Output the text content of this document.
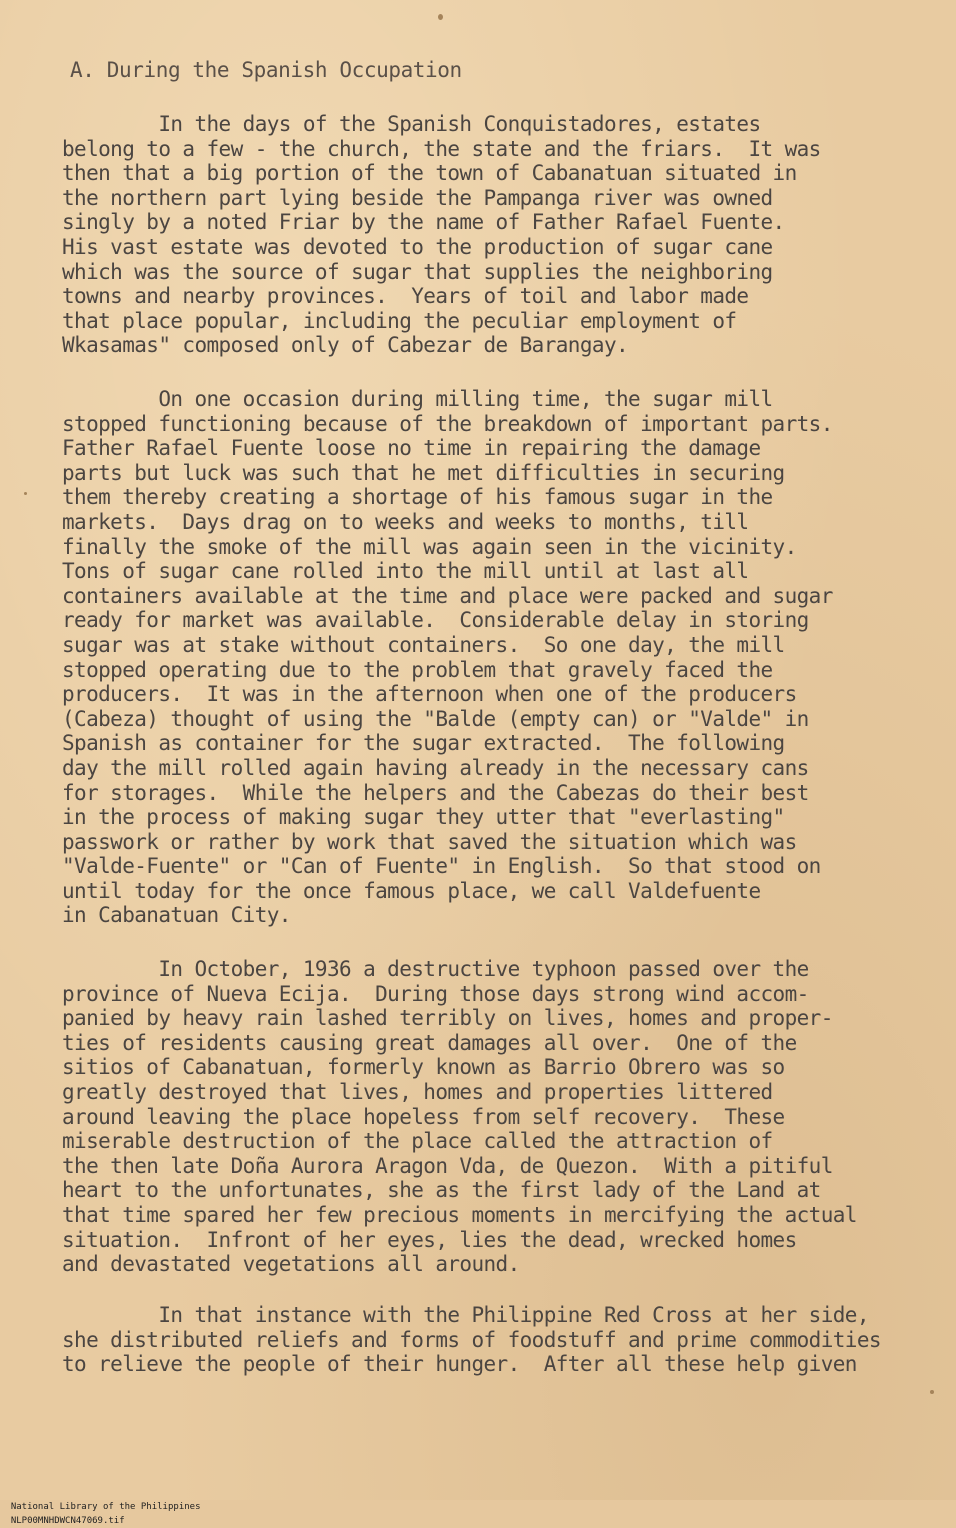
A. During the Spanish Occupation
In the days of the Spanish Conquistadores, estates
belong to a few - the church, the state and the friars.  It was
then that a big portion of the town of Cabanatuan situated in
the northern part lying beside the Pampanga river was owned
singly by a noted Friar by the name of Father Rafael Fuente.
His vast estate was devoted to the production of sugar cane
which was the source of sugar that supplies the neighboring
towns and nearby provinces.  Years of toil and labor made
that place popular, including the peculiar employment of
Wkasamas" composed only of Cabezar de Barangay.
On one occasion during milling time, the sugar mill
stopped functioning because of the breakdown of important parts.
Father Rafael Fuente loose no time in repairing the damage
parts but luck was such that he met difficulties in securing
them thereby creating a shortage of his famous sugar in the
markets.  Days drag on to weeks and weeks to months, till
finally the smoke of the mill was again seen in the vicinity.
Tons of sugar cane rolled into the mill until at last all
containers available at the time and place were packed and sugar
ready for market was available.  Considerable delay in storing
sugar was at stake without containers.  So one day, the mill
stopped operating due to the problem that gravely faced the
producers.  It was in the afternoon when one of the producers
(Cabeza) thought of using the "Balde (empty can) or "Valde" in
Spanish as container for the sugar extracted.  The following
day the mill rolled again having already in the necessary cans
for storages.  While the helpers and the Cabezas do their best
in the process of making sugar they utter that "everlasting"
passwork or rather by work that saved the situation which was
"Valde-Fuente" or "Can of Fuente" in English.  So that stood on
until today for the once famous place, we call Valdefuente
in Cabanatuan City.
In October, 1936 a destructive typhoon passed over the
province of Nueva Ecija.  During those days strong wind accom-
panied by heavy rain lashed terribly on lives, homes and proper-
ties of residents causing great damages all over.  One of the
sitios of Cabanatuan, formerly known as Barrio Obrero was so
greatly destroyed that lives, homes and properties littered
around leaving the place hopeless from self recovery.  These
miserable destruction of the place called the attraction of
the then late Doña Aurora Aragon Vda, de Quezon.  With a pitiful
heart to the unfortunates, she as the first lady of the Land at
that time spared her few precious moments in mercifying the actual
situation.  Infront of her eyes, lies the dead, wrecked homes
and devastated vegetations all around.
In that instance with the Philippine Red Cross at her side,
she distributed reliefs and forms of foodstuff and prime commodities
to relieve the people of their hunger.  After all these help given

National Library of the Philippines
NLP00MNHDWCN47069.tif
